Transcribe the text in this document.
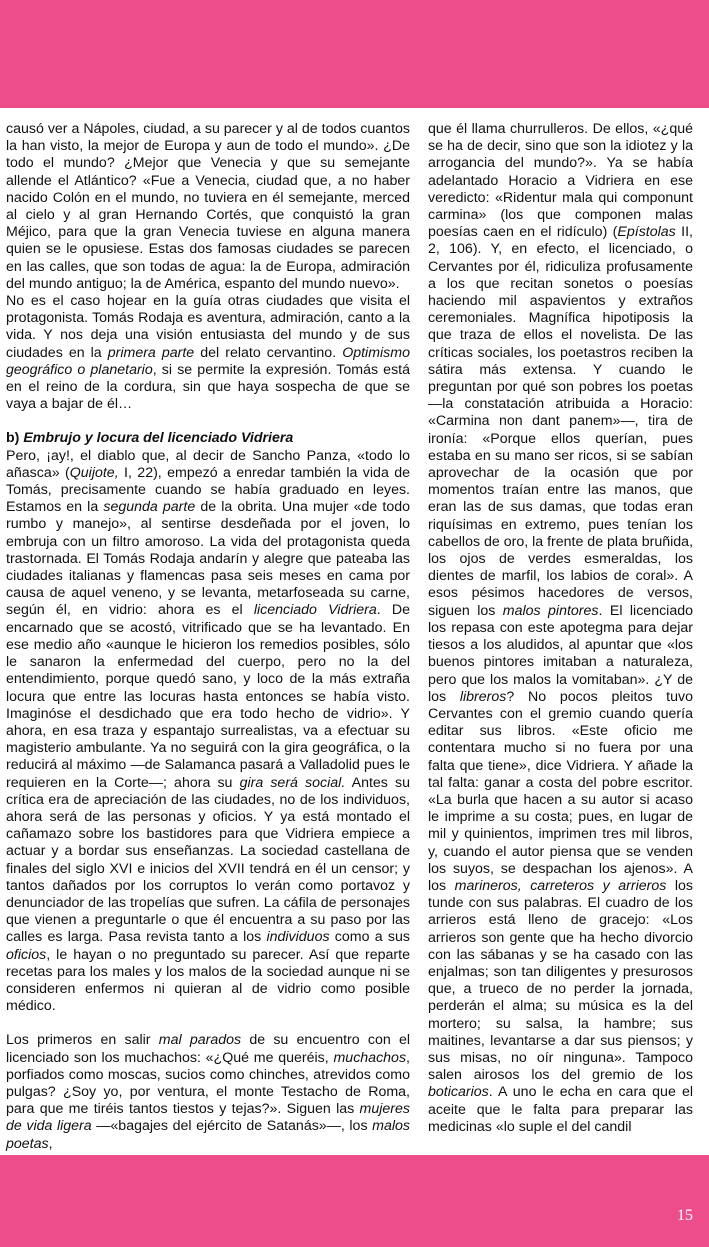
causó ver a Nápoles, ciudad, a su parecer y al de todos cuantos la han visto, la mejor de Europa y aun de todo el mundo». ¿De todo el mundo? ¿Mejor que Venecia y que su semejante allende el Atlántico? «Fue a Venecia, ciudad que, a no haber nacido Colón en el mundo, no tuviera en él semejante, merced al cielo y al gran Hernando Cortés, que conquistó la gran Méjico, para que la gran Venecia tuviese en alguna manera quien se le opusiese. Estas dos famosas ciudades se parecen en las calles, que son todas de agua: la de Europa, admiración del mundo antiguo; la de América, espanto del mundo nuevo».

No es el caso hojear en la guía otras ciudades que visita el protagonista. Tomás Rodaja es aventura, admiración, canto a la vida. Y nos deja una visión entusiasta del mundo y de sus ciudades en la primera parte del relato cervantino. Optimismo geográfico o planetario, si se permite la expresión. Tomás está en el reino de la cordura, sin que haya sospecha de que se vaya a bajar de él…

b) Embrujo y locura del licenciado Vidriera

Pero, ¡ay!, el diablo que, al decir de Sancho Panza, «todo lo añasca» (Quijote, I, 22), empezó a enredar también la vida de Tomás, precisamente cuando se había graduado en leyes. Estamos en la segunda parte de la obrita. Una mujer «de todo rumbo y manejo», al sentirse desdeñada por el joven, lo embruja con un filtro amoroso. La vida del protagonista queda trastornada. El Tomás Rodaja andarín y alegre que pateaba las ciudades italianas y flamencas pasa seis meses en cama por causa de aquel veneno, y se levanta, metarfoseada su carne, según él, en vidrio: ahora es el licenciado Vidriera. De encarnado que se acostó, vitrificado que se ha levantado. En ese medio año «aunque le hicieron los remedios posibles, sólo le sanaron la enfermedad del cuerpo, pero no la del entendimiento, porque quedó sano, y loco de la más extraña locura que entre las locuras hasta entonces se había visto. Imaginóse el desdichado que era todo hecho de vidrio». Y ahora, en esa traza y espantajo surrealistas, va a efectuar su magisterio ambulante. Ya no seguirá con la gira geográfica, o la reducirá al máximo —de Salamanca pasará a Valladolid pues le requieren en la Corte—; ahora su gira será social. Antes su crítica era de apreciación de las ciudades, no de los individuos, ahora será de las personas y oficios. Y ya está montado el cañamazo sobre los bastidores para que Vidriera empiece a actuar y a bordar sus enseñanzas. La sociedad castellana de finales del siglo XVI e inicios del XVII tendrá en él un censor; y tantos dañados por los corruptos lo verán como portavoz y denunciador de las tropelías que sufren. La cáfila de personajes que vienen a preguntarle o que él encuentra a su paso por las calles es larga. Pasa revista tanto a los individuos como a sus oficios, le hayan o no preguntado su parecer. Así que reparte recetas para los males y los malos de la sociedad aunque ni se consideren enfermos ni quieran al de vidrio como posible médico.

Los primeros en salir mal parados de su encuentro con el licenciado son los muchachos: «¿Qué me queréis, muchachos, porfiados como moscas, sucios como chinches, atrevidos como pulgas? ¿Soy yo, por ventura, el monte Testacho de Roma, para que me tiréis tantos tiestos y tejas?». Siguen las mujeres de vida ligera —«bagajes del ejército de Satanás»—, los malos poetas,

que él llama churrulleros. De ellos, «¿qué se ha de decir, sino que son la idiotez y la arrogancia del mundo?». Ya se había adelantado Horacio a Vidriera en ese veredicto: «Ridentur mala qui componunt carmina» (los que componen malas poesías caen en el ridículo) (Epístolas II, 2, 106). Y, en efecto, el licenciado, o Cervantes por él, ridiculiza profusamente a los que recitan sonetos o poesías haciendo mil aspavientos y extraños ceremoniales. Magnífica hipotiposis la que traza de ellos el novelista. De las críticas sociales, los poetastros reciben la sátira más extensa. Y cuando le preguntan por qué son pobres los poetas —la constatación atribuida a Horacio: «Carmina non dant panem»—, tira de ironía: «Porque ellos querían, pues estaba en su mano ser ricos, si se sabían aprovechar de la ocasión que por momentos traían entre las manos, que eran las de sus damas, que todas eran riquísimas en extremo, pues tenían los cabellos de oro, la frente de plata bruñida, los ojos de verdes esmeraldas, los dientes de marfil, los labios de coral». A esos pésimos hacedores de versos, siguen los malos pintores. El licenciado los repasa con este apotegma para dejar tiesos a los aludidos, al apuntar que «los buenos pintores imitaban a naturaleza, pero que los malos la vomitaban». ¿Y de los libreros? No pocos pleitos tuvo Cervantes con el gremio cuando quería editar sus libros. «Este oficio me contentara mucho si no fuera por una falta que tiene», dice Vidriera. Y añade la tal falta: ganar a costa del pobre escritor. «La burla que hacen a su autor si acaso le imprime a su costa; pues, en lugar de mil y quinientos, imprimen tres mil libros, y, cuando el autor piensa que se venden los suyos, se despachan los ajenos». A los marineros, carreteros y arrieros los tunde con sus palabras. El cuadro de los arrieros está lleno de gracejo: «Los arrieros son gente que ha hecho divorcio con las sábanas y se ha casado con las enjalmas; son tan diligentes y presurosos que, a trueco de no perder la jornada, perderán el alma; su música es la del mortero; su salsa, la hambre; sus maitines, levantarse a dar sus piensos; y sus misas, no oír ninguna». Tampoco salen airosos los del gremio de los boticarios. A uno le echa en cara que el aceite que le falta para preparar las medicinas «lo suple el del candil

15
